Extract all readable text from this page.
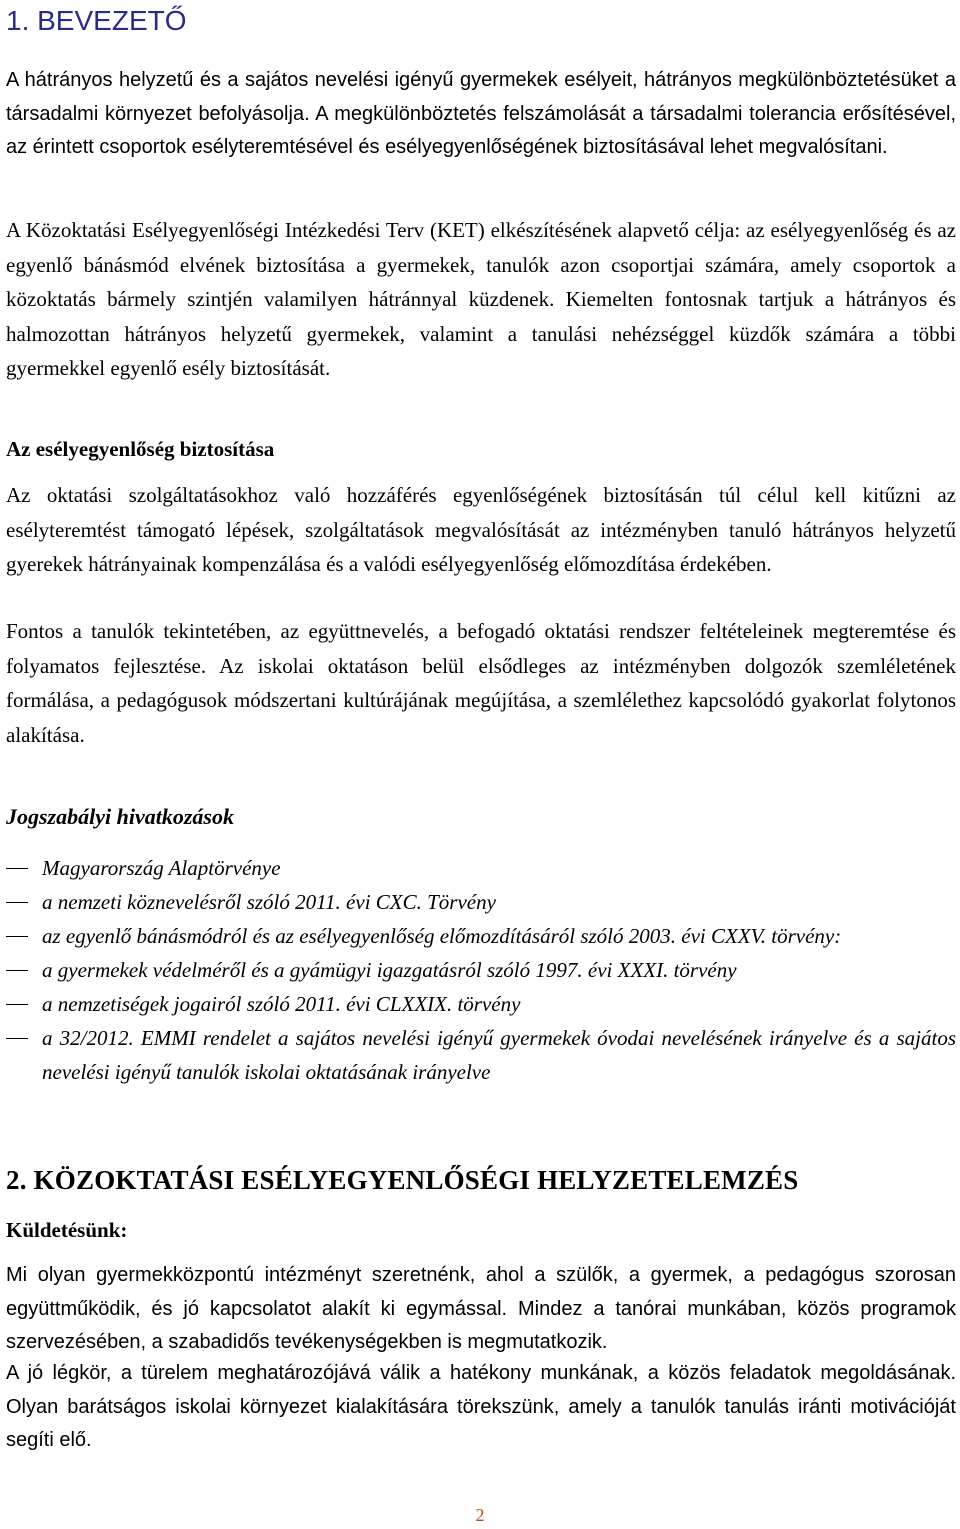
1. BEVEZETŐ
A hátrányos helyzetű és a sajátos nevelési igényű gyermekek esélyeit, hátrányos megkülönböztetésüket a társadalmi környezet befolyásolja. A megkülönböztetés felszámolását a társadalmi tolerancia erősítésével, az érintett csoportok esélyteremtésével és esélyegyenlőségének biztosításával lehet megvalósítani.
A Közoktatási Esélyegyenlőségi Intézkedési Terv (KET) elkészítésének alapvető célja: az esélyegyenlőség és az egyenlő bánásmód elvének biztosítása a gyermekek, tanulók azon csoportjai számára, amely csoportok a közoktatás bármely szintjén valamilyen hátránnyal küzdenek. Kiemelten fontosnak tartjuk a hátrányos és halmozottan hátrányos helyzetű gyermekek, valamint a tanulási nehézséggel küzdők számára a többi gyermekkel egyenlő esély biztosítását.
Az esélyegyenlőség biztosítása
Az oktatási szolgáltatásokhoz való hozzáférés egyenlőségének biztosításán túl célul kell kitűzni az esélyteremtést támogató lépések, szolgáltatások megvalósítását az intézményben tanuló hátrányos helyzetű gyerekek hátrányainak kompenzálása és a valódi esélyegyenlőség előmozdítása érdekében.
Fontos a tanulók tekintetében, az együttnevelés, a befogadó oktatási rendszer feltételeinek megteremtése és folyamatos fejlesztése. Az iskolai oktatáson belül elsődleges az intézményben dolgozók szemléletének formálása, a pedagógusok módszertani kultúrájának megújítása, a szemlélethez kapcsolódó gyakorlat folytonos alakítása.
Jogszabályi hivatkozások
Magyarország Alaptörvénye
a nemzeti köznevelésről szóló 2011. évi CXC. Törvény
az egyenlő bánásmódról és az esélyegyenlőség előmozdításáról szóló 2003. évi CXXV. törvény:
a gyermekek védelméről és a gyámügyi igazgatásról szóló 1997. évi XXXI. törvény
a nemzetiségek jogairól szóló 2011. évi CLXXIX. törvény
a 32/2012. EMMI rendelet a sajátos nevelési igényű gyermekek óvodai nevelésének irányelve és a sajátos nevelési igényű tanulók iskolai oktatásának irányelve
2. KÖZOKTATÁSI ESÉLYEGYENLŐSÉGI HELYZETELEMZÉS
Küldetésünk:
Mi olyan gyermekközpontú intézményt szeretnénk, ahol a szülők, a gyermek, a pedagógus szorosan együttműködik, és jó kapcsolatot alakít ki egymással. Mindez a tanórai munkában, közös programok szervezésében, a szabadidős tevékenységekben is megmutatkozik.
A jó légkör, a türelem meghatározójává válik a hatékony munkának, a közös feladatok megoldásának. Olyan barátságos iskolai környezet kialakítására törekszünk, amely a tanulók tanulás iránti motivációját segíti elő.
2
